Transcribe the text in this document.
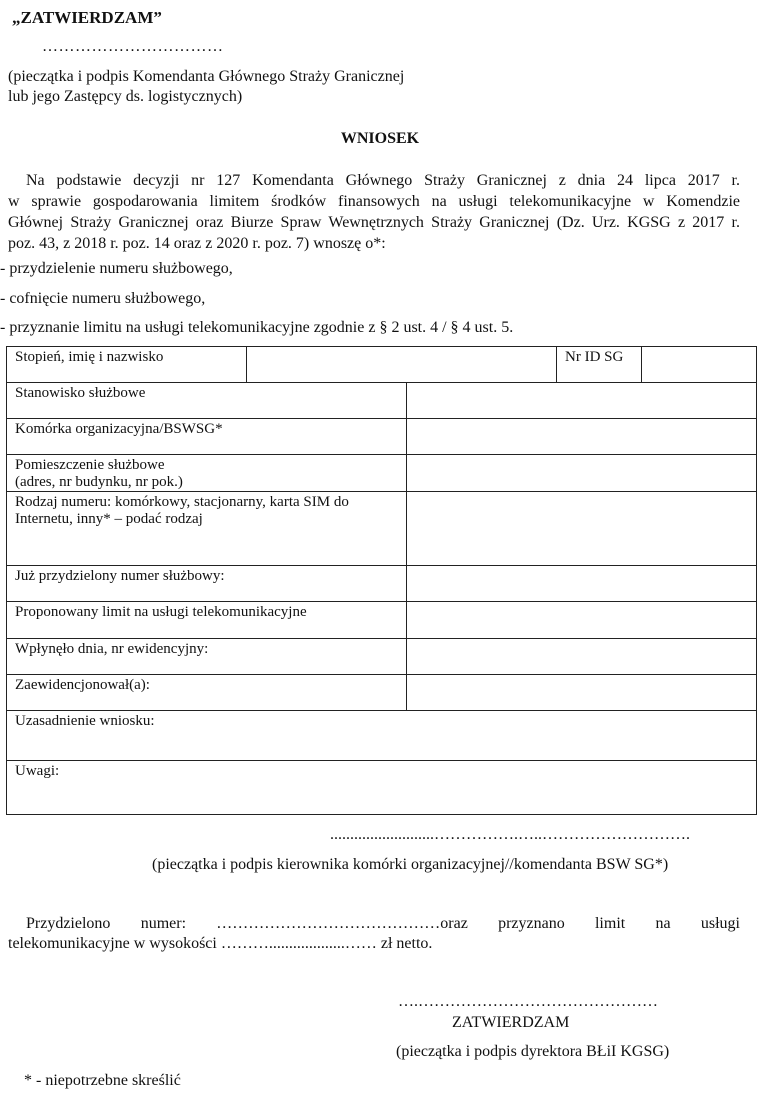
„ZATWIERDZAM”
……………………………
(pieczątka i podpis Komendanta Głównego Straży Granicznej
lub jego Zastępcy ds. logistycznych)
WNIOSEK
Na podstawie decyzji nr 127 Komendanta Głównego Straży Granicznej z dnia 24 lipca 2017 r.
w sprawie gospodarowania limitem środków finansowych na usługi telekomunikacyjne w Komendzie
Głównej Straży Granicznej oraz Biurze Spraw Wewnętrznych Straży Granicznej (Dz. Urz. KGSG z 2017 r.
poz. 43, z 2018 r. poz. 14 oraz z 2020 r. poz. 7) wnoszę o*:
- przydzielenie numeru służbowego,
- cofnięcie numeru służbowego,
- przyznanie limitu na usługi telekomunikacyjne zgodnie z § 2 ust. 4 / § 4 ust. 5.
Stopień, imię i nazwisko			Nr ID SG	
Stanowisko służbowe				
Komórka organizacyjna/BSWSG*				

Pomieszczenie służbowe
(adres, nr budynku, nr pok.)				

Rodzaj numeru: komórkowy, stacjonarny, karta SIM do
Internetu, inny* – podać rodzaj				

Już przydzielony numer służbowy:				
Proponowany limit na usługi telekomunikacyjne				
Wpłynęło dnia, nr ewidencyjny:				
Zaewidencjonował(a):				
Uzasadnienie wniosku:				
Uwagi:				
..........................…………….…..……………………….
(pieczątka i podpis kierownika komórki organizacyjnej//komendanta BSW SG*)
Przydzielono numer: ……………………………………oraz przyznano limit na usługi
telekomunikacyjne w wysokości ………...................…… zł netto.
….………………………………………
ZATWIERDZAM
(pieczątka i podpis dyrektora BŁiI KGSG)
* - niepotrzebne skreślić
